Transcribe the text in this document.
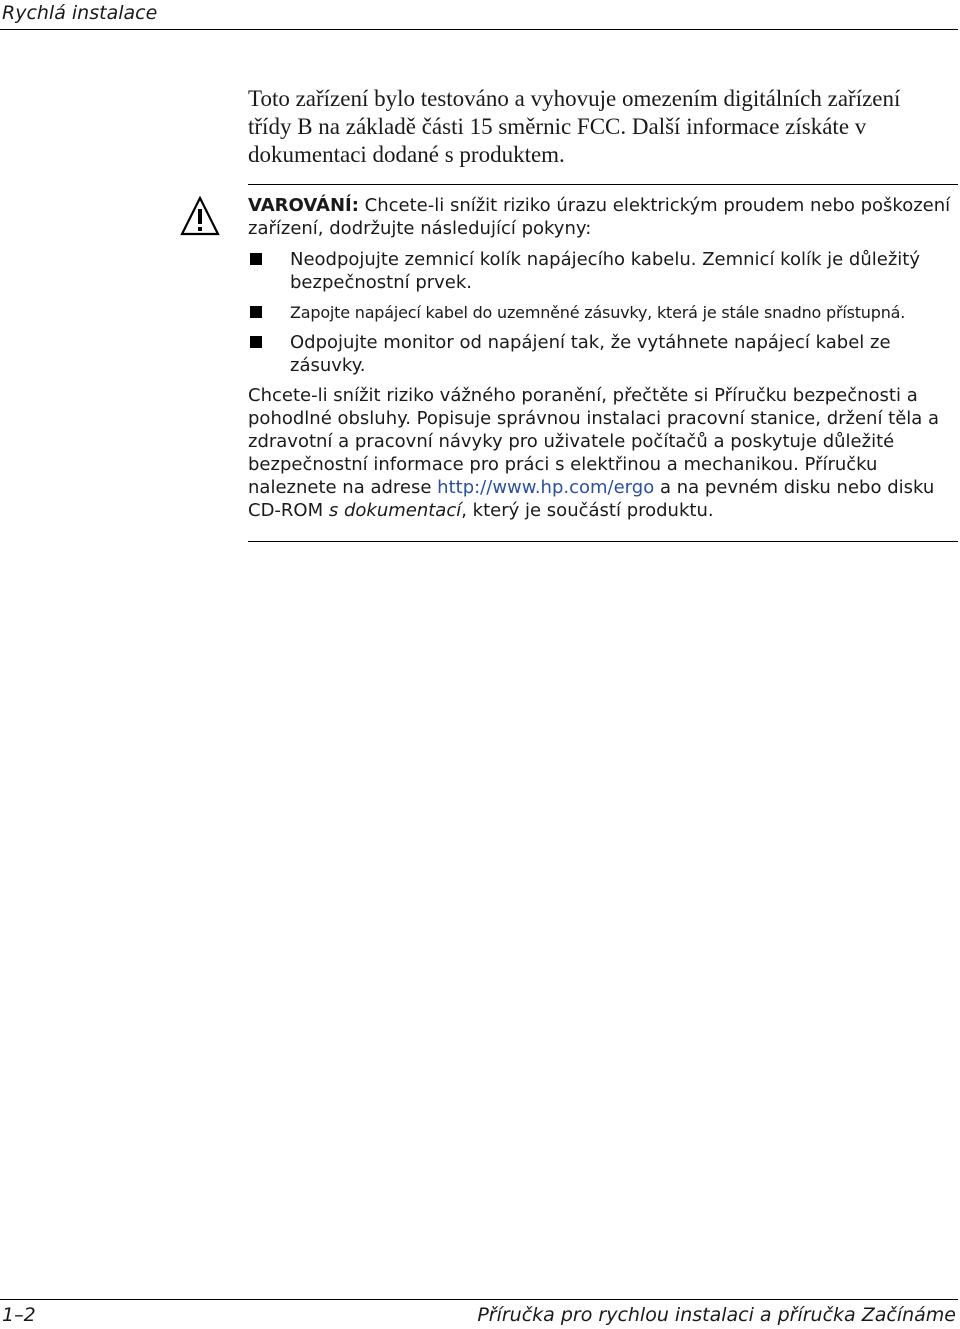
Rychlá instalace

Toto zařízení bylo testováno a vyhovuje omezením digitálních zařízení třídy B na základě části 15 směrnic FCC. Další informace získáte v dokumentaci dodané s produktem.

VAROVÁNÍ: Chcete-li snížit riziko úrazu elektrickým proudem nebo poškození zařízení, dodržujte následující pokyny:

Neodpojujte zemnicí kolík napájecího kabelu. Zemnicí kolík je důležitý bezpečnostní prvek.
Zapojte napájecí kabel do uzemněné zásuvky, která je stále snadno přístupná.
Odpojujte monitor od napájení tak, že vytáhnete napájecí kabel ze zásuvky.

Chcete-li snížit riziko vážného poranění, přečtěte si Příručku bezpečnosti a pohodlné obsluhy. Popisuje správnou instalaci pracovní stanice, držení těla a zdravotní a pracovní návyky pro uživatele počítačů a poskytuje důležité bezpečnostní informace pro práci s elektřinou a mechanikou. Příručku naleznete na adrese http://www.hp.com/ergo a na pevném disku nebo disku CD-ROM s dokumentací, který je součástí produktu.

1–2	Příručka pro rychlou instalaci a příručka Začínáme
